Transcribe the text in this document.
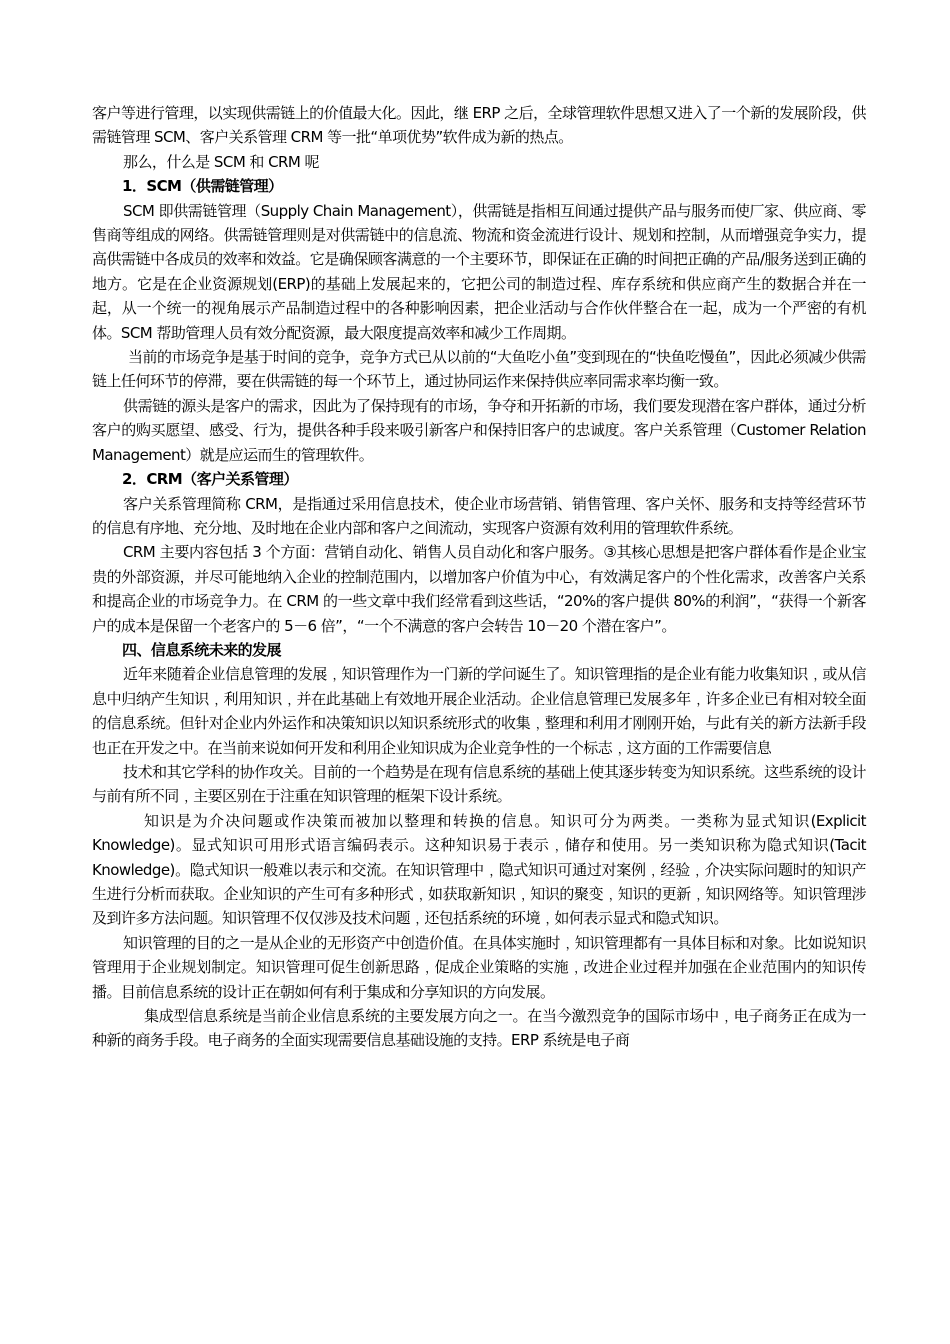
客户等进行管理，以实现供需链上的价值最大化。因此，继 ERP 之后，全球管理软件思想又进入了一个新的发展阶段，供需链管理 SCM、客户关系管理 CRM 等一批“单项优势”软件成为新的热点。

那么，什么是 SCM 和 CRM 呢

1．SCM（供需链管理）

SCM 即供需链管理（Supply Chain Management），供需链是指相互间通过提供产品与服务而使厂家、供应商、零售商等组成的网络。供需链管理则是对供需链中的信息流、物流和资金流进行设计、规划和控制，从而增强竞争实力，提高供需链中各成员的效率和效益。它是确保顾客满意的一个主要环节，即保证在正确的时间把正确的产品/服务送到正确的地方。它是在企业资源规划(ERP)的基础上发展起来的，它把公司的制造过程、库存系统和供应商产生的数据合并在一起，从一个统一的视角展示产品制造过程中的各种影响因素，把企业活动与合作伙伴整合在一起，成为一个严密的有机体。SCM 帮助管理人员有效分配资源，最大限度提高效率和减少工作周期。

当前的市场竞争是基于时间的竞争，竞争方式已从以前的“大鱼吃小鱼”变到现在的“快鱼吃慢鱼”，因此必须减少供需链上任何环节的停滞，要在供需链的每一个环节上，通过协同运作来保持供应率同需求率均衡一致。

供需链的源头是客户的需求，因此为了保持现有的市场，争夺和开拓新的市场，我们要发现潜在客户群体，通过分析客户的购买愿望、感受、行为，提供各种手段来吸引新客户和保持旧客户的忠诚度。客户关系管理（Customer Relation Management）就是应运而生的管理软件。

2．CRM（客户关系管理）

客户关系管理简称 CRM，是指通过采用信息技术，使企业市场营销、销售管理、客户关怀、服务和支持等经营环节的信息有序地、充分地、及时地在企业内部和客户之间流动，实现客户资源有效利用的管理软件系统。

CRM 主要内容包括 3 个方面：营销自动化、销售人员自动化和客户服务。③其核心思想是把客户群体看作是企业宝贵的外部资源，并尽可能地纳入企业的控制范围内，以增加客户价值为中心，有效满足客户的个性化需求，改善客户关系和提高企业的市场竞争力。在 CRM 的一些文章中我们经常看到这些话，“20%的客户提供 80%的利润”，“获得一个新客户的成本是保留一个老客户的 5－6 倍”，“一个不满意的客户会转告 10－20 个潜在客户”。

四、信息系统未来的发展

近年来随着企业信息管理的发展﹐知识管理作为一门新的学问诞生了。知识管理指的是企业有能力收集知识﹐或从信息中归纳产生知识﹐利用知识﹐并在此基础上有效地开展企业活动。企业信息管理已发展多年﹐许多企业已有相对较全面的信息系统。但针对企业内外运作和决策知识以知识系统形式的收集﹐整理和利用才刚刚开始，与此有关的新方法新手段也正在开发之中。在当前来说如何开发和利用企业知识成为企业竞争性的一个标志﹐这方面的工作需要信息

技术和其它学科的协作攻关。目前的一个趋势是在现有信息系统的基础上使其逐步转变为知识系统。这些系统的设计与前有所不同﹐主要区别在于注重在知识管理的框架下设计系统。

知识是为介决问题或作决策而被加以整理和转换的信息。知识可分为两类。一类称为显式知识(Explicit Knowledge)。显式知识可用形式语言编码表示。这种知识易于表示﹐储存和使用。另一类知识称为隐式知识(Tacit Knowledge)。隐式知识一般难以表示和交流。在知识管理中﹐隐式知识可通过对案例﹐经验﹐介决实际问题时的知识产生进行分析而获取。企业知识的产生可有多种形式﹐如获取新知识﹐知识的聚变﹐知识的更新﹐知识网络等。知识管理涉及到许多方法问题。知识管理不仅仅涉及技术问题﹐还包括系统的环境﹐如何表示显式和隐式知识。

知识管理的目的之一是从企业的无形资产中创造价值。在具体实施时﹐知识管理都有一具体目标和对象。比如说知识管理用于企业规划制定。知识管理可促生创新思路﹐促成企业策略的实施﹐改进企业过程并加强在企业范围内的知识传播。目前信息系统的设计正在朝如何有利于集成和分享知识的方向发展。

集成型信息系统是当前企业信息系统的主要发展方向之一。在当今激烈竞争的国际市场中﹐电子商务正在成为一种新的商务手段。电子商务的全面实现需要信息基础设施的支持。ERP 系统是电子商
